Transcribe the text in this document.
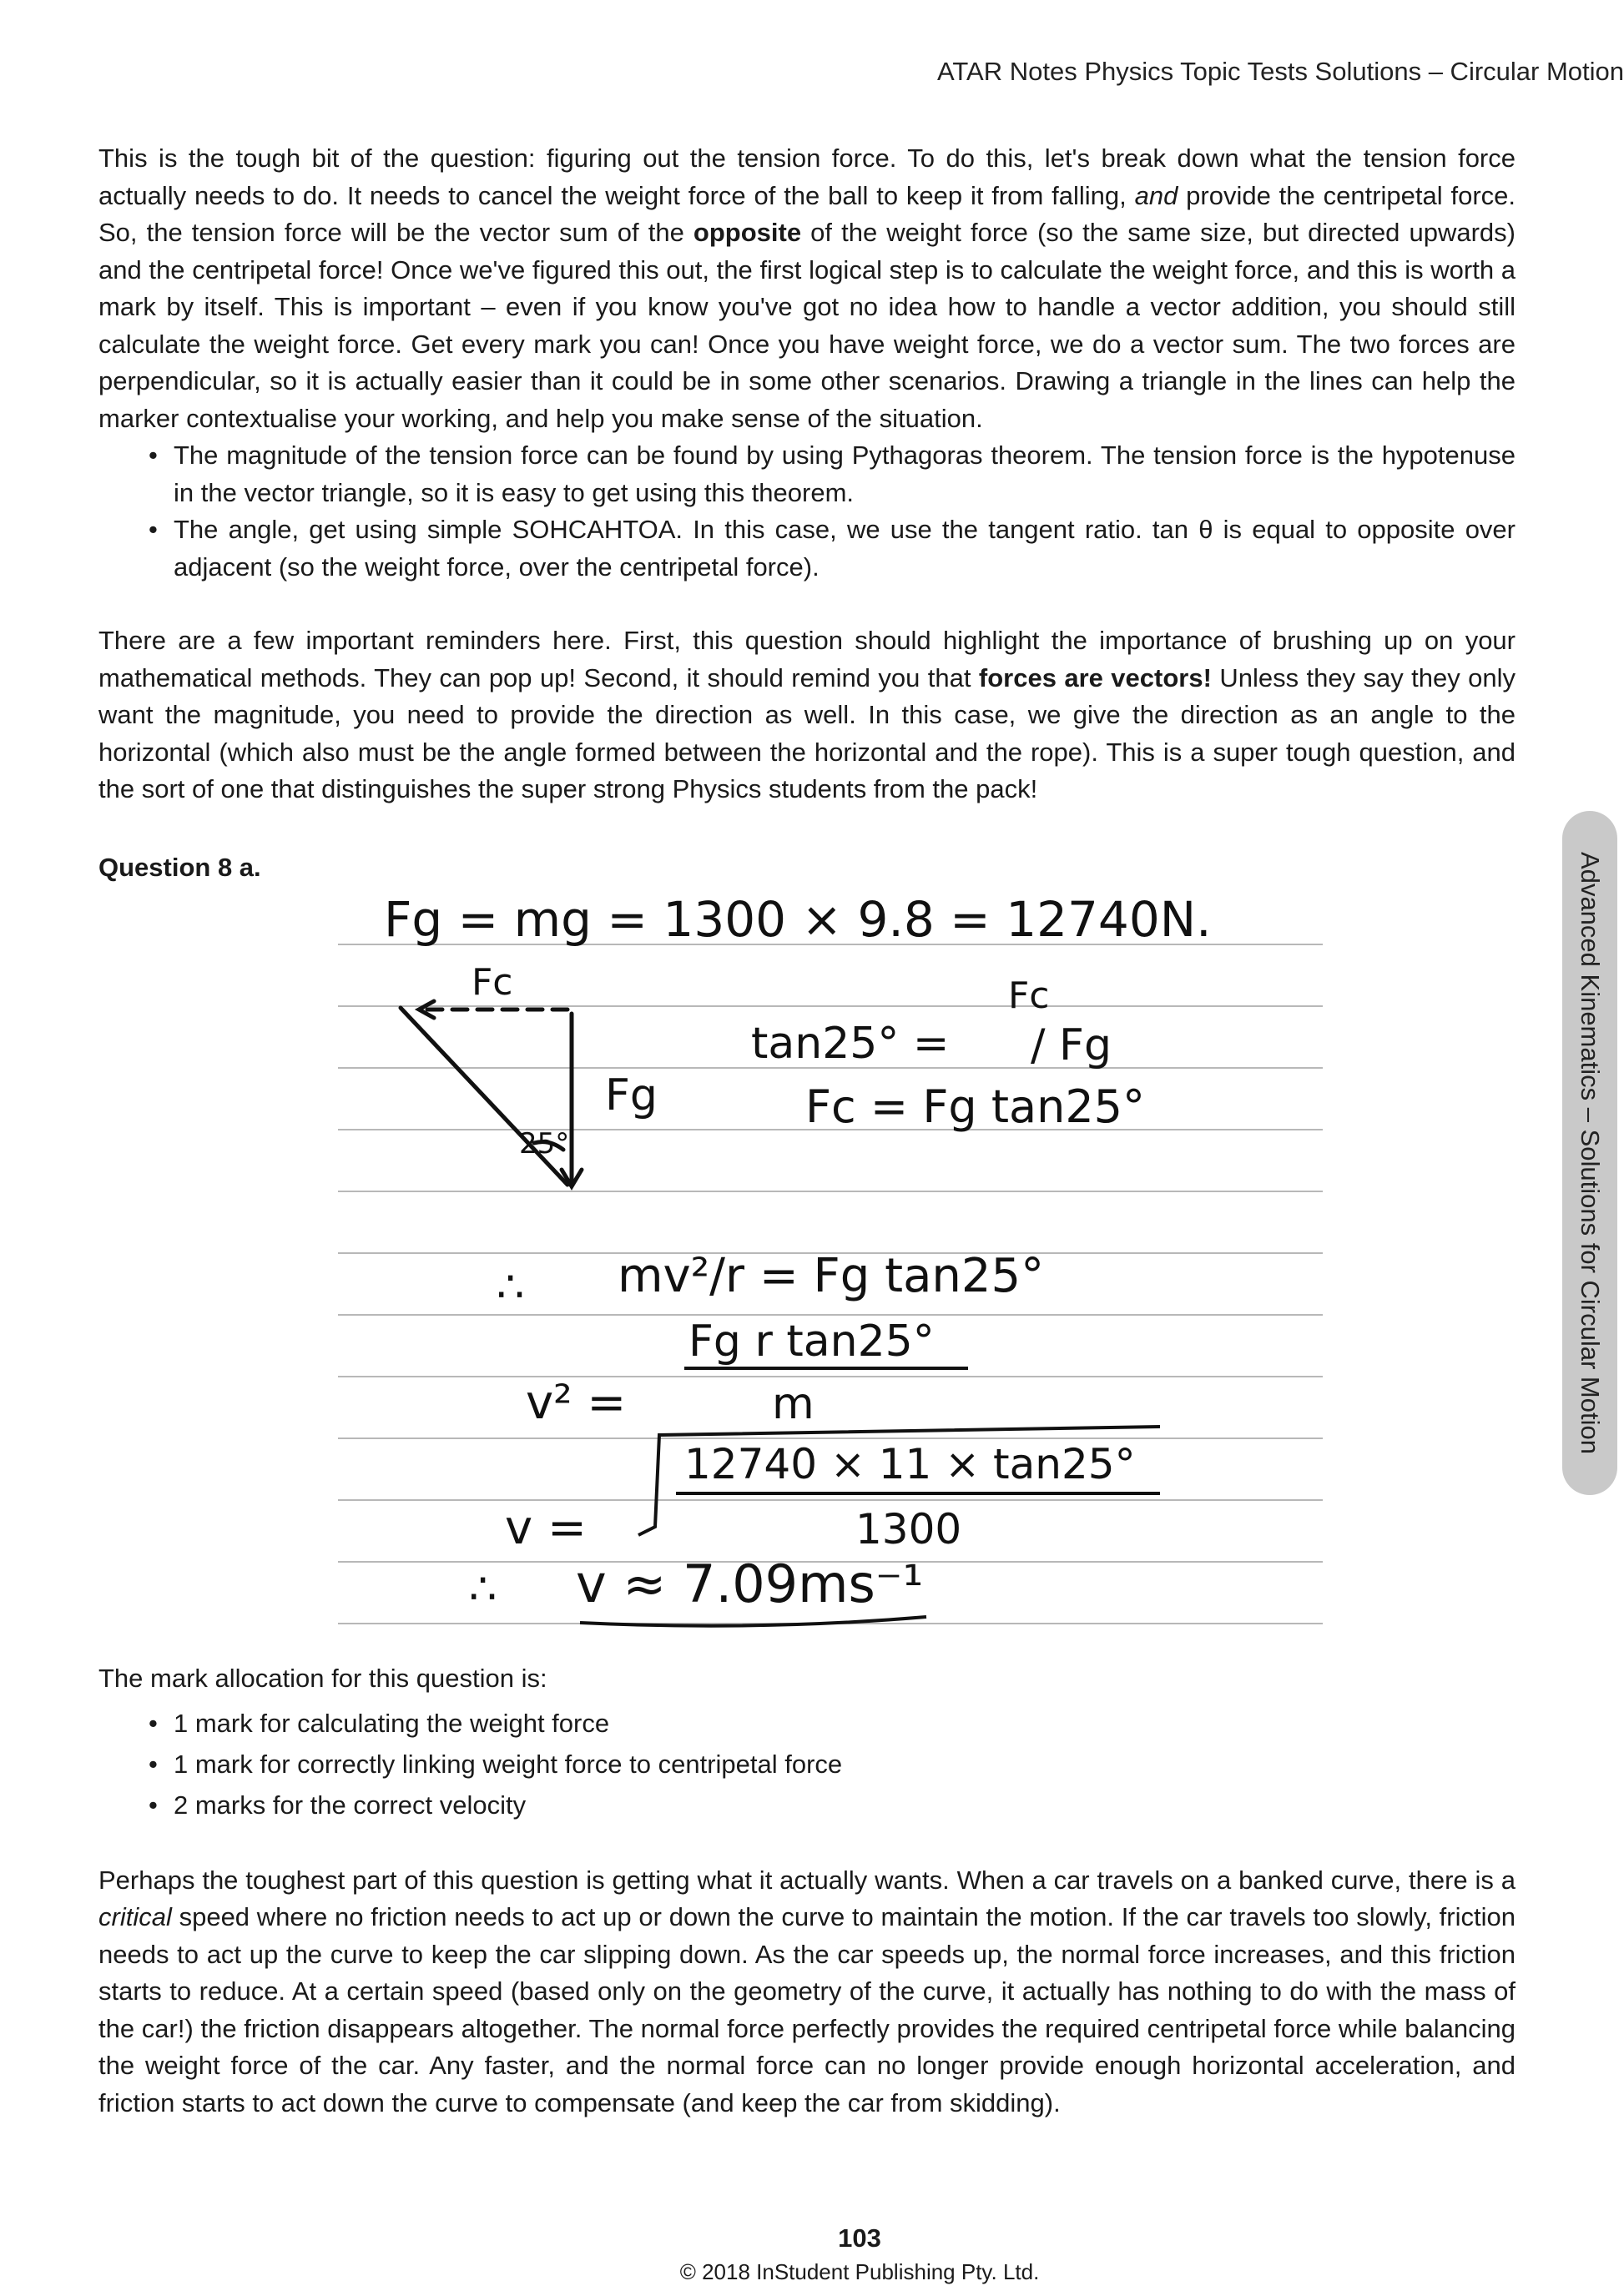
ATAR Notes Physics Topic Tests Solutions – Circular Motion
Advanced Kinematics – Solutions for Circular Motion

This is the tough bit of the question: figuring out the tension force. To do this, let's break down what the tension force actually needs to do. It needs to cancel the weight force of the ball to keep it from falling, and provide the centripetal force. So, the tension force will be the vector sum of the opposite of the weight force (so the same size, but directed upwards) and the centripetal force! Once we've figured this out, the first logical step is to calculate the weight force, and this is worth a mark by itself. This is important – even if you know you've got no idea how to handle a vector addition, you should still calculate the weight force. Get every mark you can! Once you have weight force, we do a vector sum. The two forces are perpendicular, so it is actually easier than it could be in some other scenarios. Drawing a triangle in the lines can help the marker contextualise your working, and help you make sense of the situation.

• The magnitude of the tension force can be found by using Pythagoras theorem. The tension force is the hypotenuse in the vector triangle, so it is easy to get using this theorem.
• The angle, get using simple SOHCAHTOA. In this case, we use the tangent ratio. tan θ is equal to opposite over adjacent (so the weight force, over the centripetal force).

There are a few important reminders here. First, this question should highlight the importance of brushing up on your mathematical methods. They can pop up! Second, it should remind you that forces are vectors! Unless they say they only want the magnitude, you need to provide the direction as well. In this case, we give the direction as an angle to the horizontal (which also must be the angle formed between the horizontal and the rope). This is a super tough question, and the sort of one that distinguishes the super strong Physics students from the pack!

Question 8 a.
Fg = mg = 1300 × 9.8 = 12740N.
Fc
Fg
25°
tan25° =
Fc
/ Fg
Fc = Fg tan25°
∴ mv²/r = Fg tan25°
Fg r tan25°
v² =	m
12740 × 11 × tan25°
1300
v =
∴ v ≈ 7.09ms⁻¹

The mark allocation for this question is:

• 1 mark for calculating the weight force
• 1 mark for correctly linking weight force to centripetal force
• 2 marks for the correct velocity

Perhaps the toughest part of this question is getting what it actually wants. When a car travels on a banked curve, there is a critical speed where no friction needs to act up or down the curve to maintain the motion. If the car travels too slowly, friction needs to act up the curve to keep the car slipping down. As the car speeds up, the normal force increases, and this friction starts to reduce. At a certain speed (based only on the geometry of the curve, it actually has nothing to do with the mass of the car!) the friction disappears altogether. The normal force perfectly provides the required centripetal force while balancing the weight force of the car. Any faster, and the normal force can no longer provide enough horizontal acceleration, and friction starts to act down the curve to compensate (and keep the car from skidding).

103
© 2018 InStudent Publishing Pty. Ltd.
